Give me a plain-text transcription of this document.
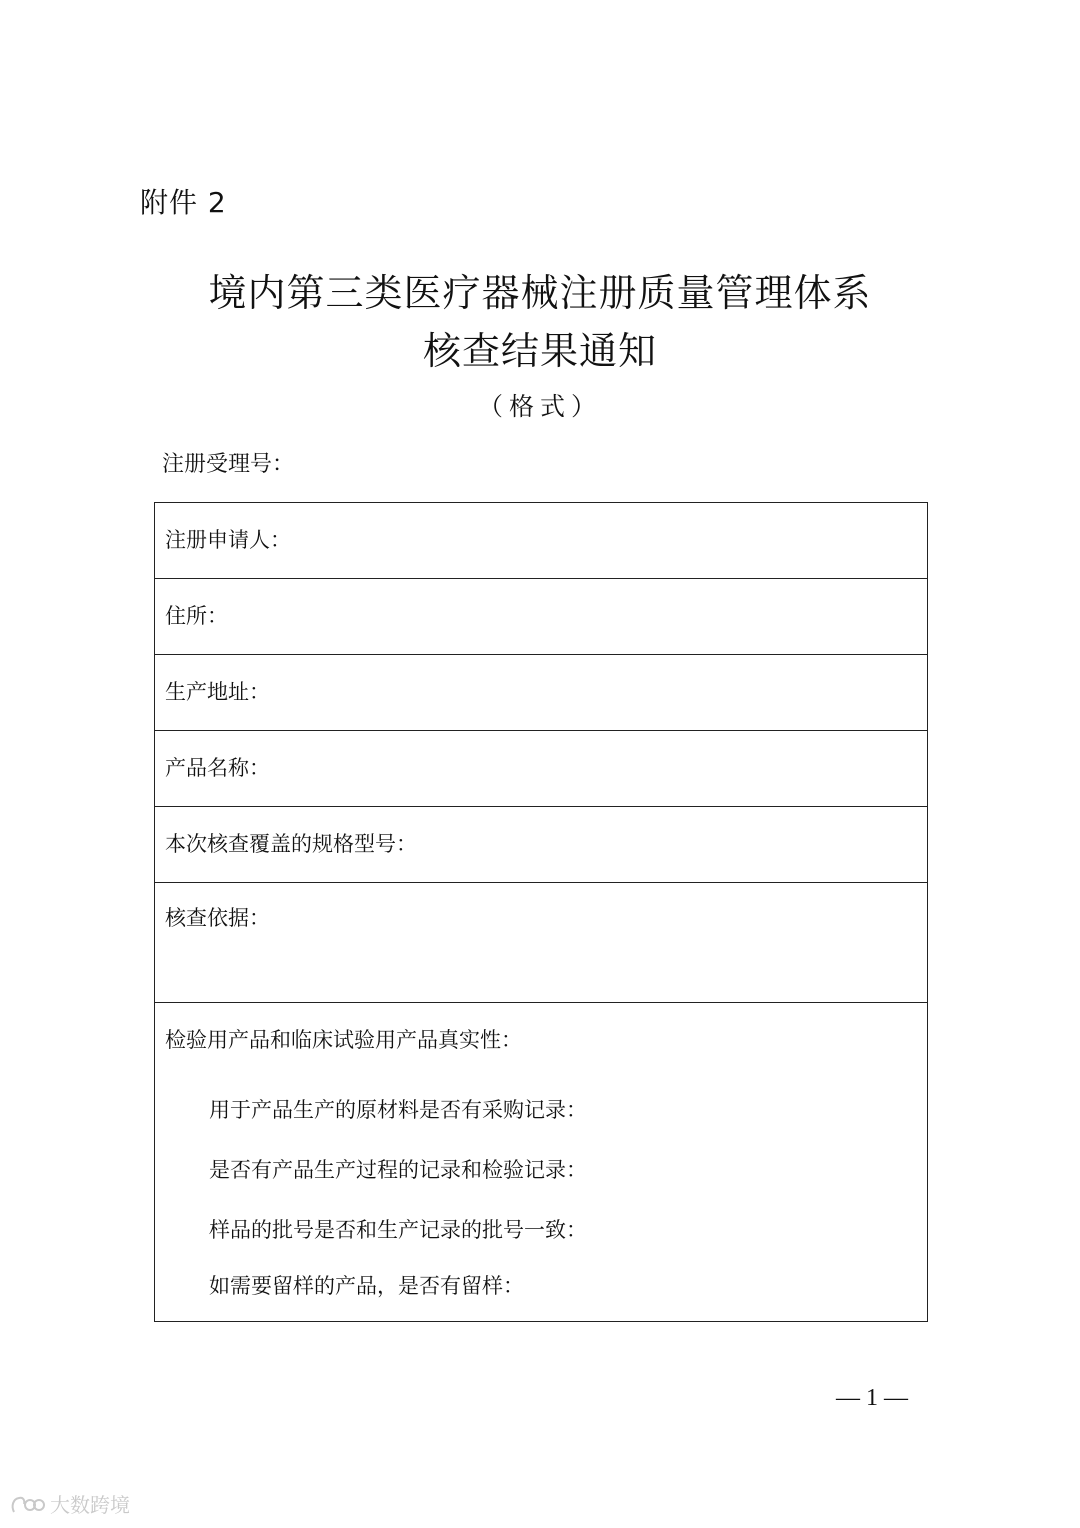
附件 2
境内第三类医疗器械注册质量管理体系
核查结果通知
（格式）
注册受理号：
注册申请人：
住所：
生产地址：
产品名称：
本次核查覆盖的规格型号：
核查依据：
检验用产品和临床试验用产品真实性：
用于产品生产的原材料是否有采购记录：
是否有产品生产过程的记录和检验记录：
样品的批号是否和生产记录的批号一致：
如需要留样的产品，是否有留样：
— 1 —
大数跨境
